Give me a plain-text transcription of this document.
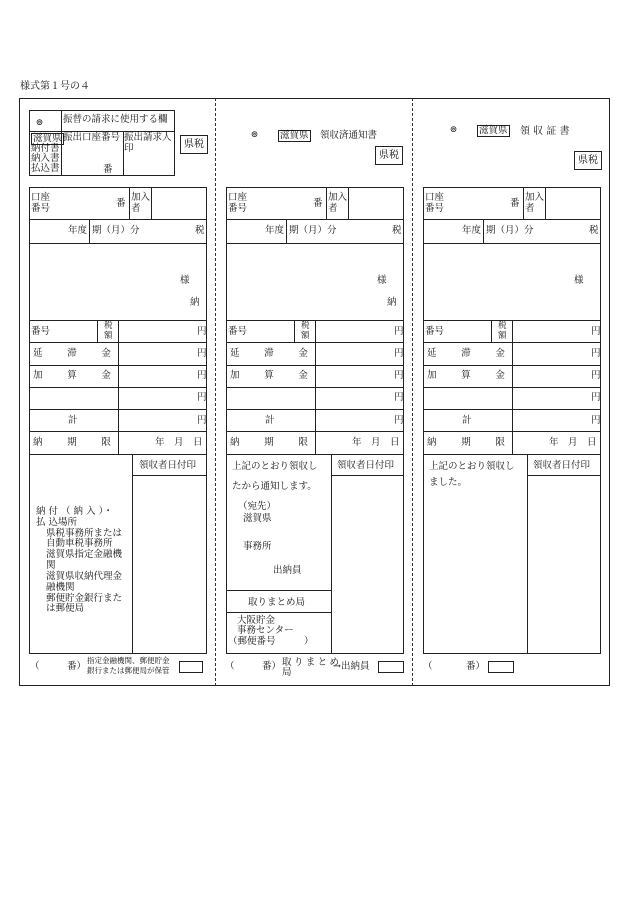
様式第１号の４
⊚ 振替の請求に使用する欄
滋賀県
納付書
納入書
払込書
振出口座番号 振出請求人
印
番
県税
口座
番号	番
加入
者
年度 期（月）分	税
様
納
番号	税
額	円
延　滞　金	円
加　算　金	円
円
計	円
納　期　限	年　月　日
領収者日付印
納 付 （ 納 入 ）・
払 込場所
県税事務所または
自動車税事務所
滋賀県指定金融機
関
滋賀県収納代理金
融機関
郵便貯金銀行また
は郵便局
（	番）
指定金融機関、郵便貯金
銀行または郵便局が保管
⊚ 滋賀県 領収済通知書
県税
口座
番号	番
加入
者
年度 期（月）分	税
様
納
番号	税
額	円
延　滞　金	円
加　算　金	円
円
計	円
納　期　限	年　月　日
領収者日付印
上記のとおり領収し
たから通知します。
（宛先）
滋賀県
事務所
出納員
取りまとめ局
大阪貯金
事務センター
（郵便番号　　　）
（	番） 取りまとめ
局
→出納員
⊚ 滋賀県 領 収 証 書
県税
口座
番号	番
加入
者
年度 期（月）分	税
様
番号	税
額	円
延　滞　金	円
加　算　金	円
円
計	円
納　期　限	年　月　日
領収者日付印
上記のとおり領収し
ました。
（	番）
